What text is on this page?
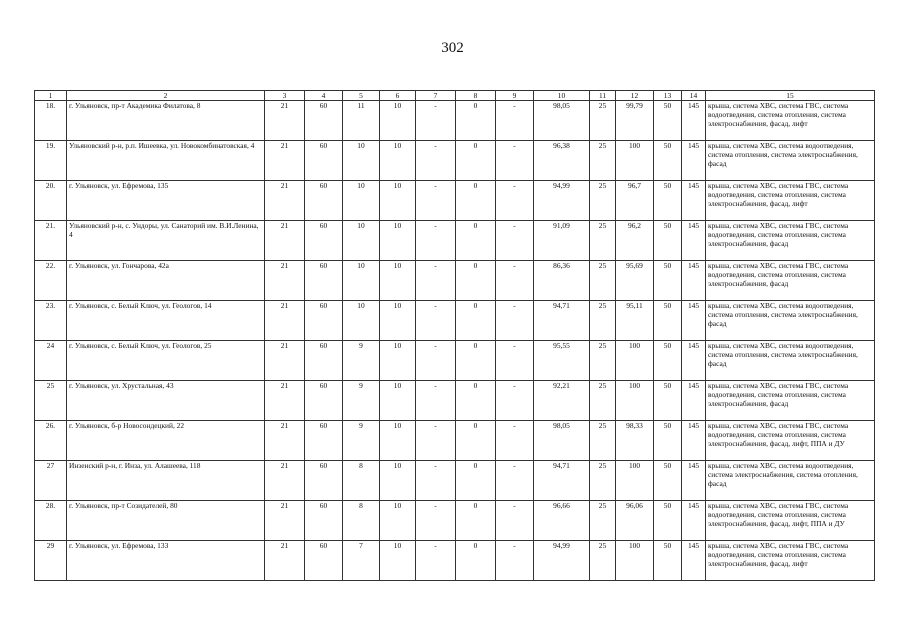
302
1	2	3	4	5	6	7	8	9	10	11	12	13	14	15
18.	г. Ульяновск, пр-т Академика Филатова, 8	21	60	11	10	-	0	-	98,05	25	99,79	50	145	крыша, система ХВС, система ГВС, система водоотведения, система отопления, система электроснабжения, фасад, лифт
19.	Ульяновский р-н, р.п. Ишеевка, ул. Новокомбинатовская, 4	21	60	10	10	-	0	-	96,38	25	100	50	145	крыша, система ХВС, система водоотведения, система отопления, система электроснабжения, фасад
20.	г. Ульяновск, ул. Ефремова, 135	21	60	10	10	-	0	-	94,99	25	96,7	50	145	крыша, система ХВС, система ГВС, система водоотведения, система отопления, система электроснабжения, фасад, лифт
21.	Ульяновский р-н, с. Ундоры, ул. Санаторий им. В.И.Ленина, 4	21	60	10	10	-	0	-	91,09	25	96,2	50	145	крыша, система ХВС, система ГВС, система водоотведения, система отопления, система электроснабжения, фасад
22.	г. Ульяновск, ул. Гончарова, 42а	21	60	10	10	-	0	-	86,36	25	95,69	50	145	крыша, система ХВС, система ГВС, система водоотведения, система отопления, система электроснабжения, фасад
23.	г. Ульяновск, с. Белый Ключ, ул. Геологов, 14	21	60	10	10	-	0	-	94,71	25	95,11	50	145	крыша, система ХВС, система водоотведения, система отопления, система электроснабжения, фасад
24	г. Ульяновск, с. Белый Ключ, ул. Геологов, 25	21	60	9	10	-	0	-	95,55	25	100	50	145	крыша, система ХВС, система водоотведения, система отопления, система электроснабжения, фасад
25	г. Ульяновск, ул. Хрустальная, 43	21	60	9	10	-	0	-	92,21	25	100	50	145	крыша, система ХВС, система ГВС, система водоотведения, система отопления, система электроснабжения, фасад
26.	г. Ульяновск, б-р Новосондецкий, 22	21	60	9	10	-	0	-	98,05	25	98,33	50	145	крыша, система ХВС, система ГВС, система водоотведения, система отопления, система электроснабжения, фасад, лифт, ППА и ДУ
27	Инзенский р-н, г. Инза, ул. Алашеева, 118	21	60	8	10	-	0	-	94,71	25	100	50	145	крыша, система ХВС, система водоотведения, система электроснабжения, система отопления, фасад
28.	г. Ульяновск, пр-т Созидателей, 80	21	60	8	10	-	0	-	96,66	25	96,06	50	145	крыша, система ХВС, система ГВС, система водоотведения, система отопления, система электроснабжения, фасад, лифт, ППА и ДУ
29	г. Ульяновск, ул. Ефремова, 133	21	60	7	10	-	0	-	94,99	25	100	50	145	крыша, система ХВС, система ГВС, система водоотведения, система отопления, система электроснабжения, фасад, лифт
